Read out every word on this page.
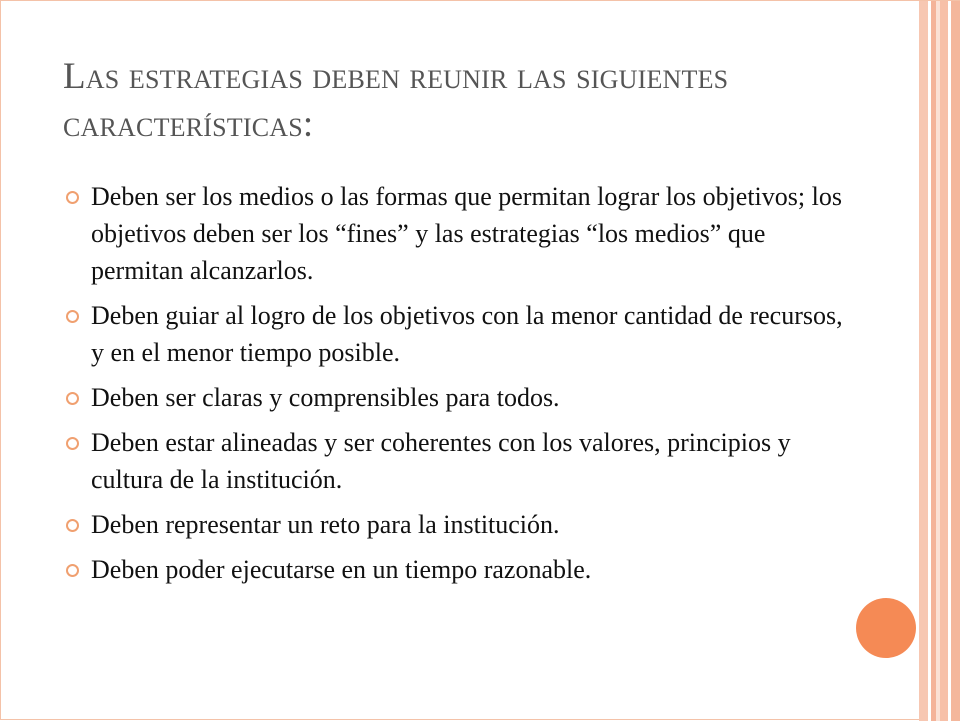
Las estrategias deben reunir las siguientes características:
Deben ser los medios o las formas que permitan lograr los objetivos; los objetivos deben ser los “fines” y las estrategias “los medios” que permitan alcanzarlos.
Deben guiar al logro de los objetivos con la menor cantidad de recursos, y en el menor tiempo posible.
Deben ser claras y comprensibles para todos.
Deben estar alineadas y ser coherentes con los valores, principios y cultura de la institución.
Deben representar un reto para la institución.
Deben poder ejecutarse en un tiempo razonable.
